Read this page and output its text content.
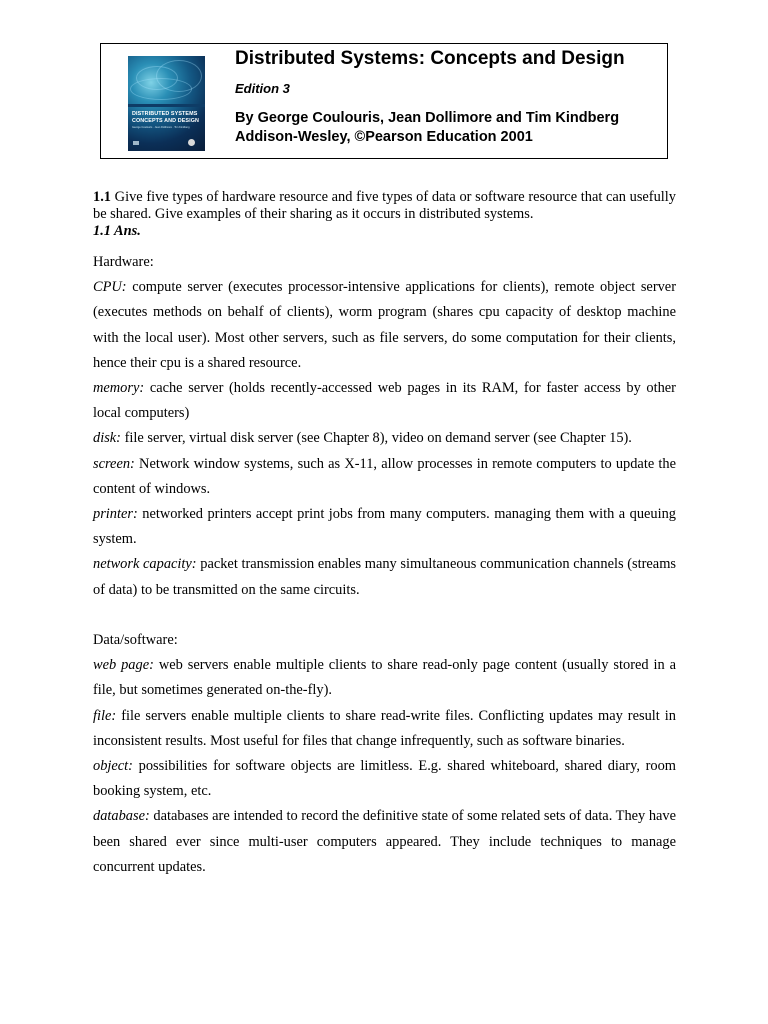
DISTRIBUTED SYSTEMS
CONCEPTS AND DESIGN
George Coulouris · Jean Dollimore · Tim Kindberg
Distributed Systems: Concepts and Design
Edition 3
By George Coulouris, Jean Dollimore and Tim Kindberg
Addison-Wesley, ©Pearson Education 2001
1.1 Give five types of hardware resource and five types of data or software resource that can usefully be shared. Give examples of their sharing as it occurs in distributed systems.
1.1 Ans.
Hardware:
CPU: compute server (executes processor-intensive applications for clients), remote object server (executes methods on behalf of clients), worm program (shares cpu capacity of desktop machine with the local user). Most other servers, such as file servers, do some computation for their clients, hence their cpu is a shared resource.
memory: cache server (holds recently-accessed web pages in its RAM, for faster access by other local computers)
disk: file server, virtual disk server (see Chapter 8), video on demand server (see Chapter 15).
screen: Network window systems, such as X-11, allow processes in remote computers to update the content of windows.
printer: networked printers accept print jobs from many computers. managing them with a queuing system.
network capacity: packet transmission enables many simultaneous communication channels (streams of data) to be transmitted on the same circuits.
Data/software:
web page: web servers enable multiple clients to share read-only page content (usually stored in a file, but sometimes generated on-the-fly).
file: file servers enable multiple clients to share read-write files. Conflicting updates may result in inconsistent results. Most useful for files that change infrequently, such as software binaries.
object: possibilities for software objects are limitless. E.g. shared whiteboard, shared diary, room booking system, etc.
database: databases are intended to record the definitive state of some related sets of data. They have been shared ever since multi-user computers appeared. They include techniques to manage concurrent updates.
